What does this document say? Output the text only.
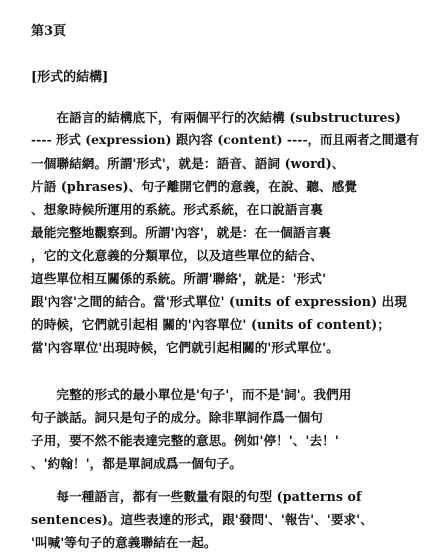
第3頁
[形式的結構]
　　在語言的結構底下，有兩個平行的次結構 (substructures)
---- 形式 (expression) 跟內容 (content) ----，而且兩者之間還有
一個聯結網。所謂'形式'，就是：語音、語詞 (word)、
片語 (phrases)、句子離開它們的意義，在說、聽、感覺
、想象時候所運用的系統。形式系統，在口說語言裏
最能完整地觀察到。所謂'內容'，就是：在一個語言裏
，它的文化意義的分類單位，以及這些單位的結合、
這些單位相互關係的系統。所謂'聯絡'，就是：'形式'
跟'內容'之間的結合。當'形式單位' (units of expression) 出現
的時候，它們就引起相 關的'內容單位' (units of content)；
當'內容單位'出現時候，它們就引起相關的'形式單位'。
　　完整的形式的最小單位是'句子'，而不是'詞'。我們用
句子談話。詞只是句子的成分。除非單詞作爲一個句
子用，要不然不能表達完整的意思。例如'停！'、'去！'
、'約翰！'，都是單詞成爲一個句子。
　　每一種語言，都有一些數量有限的句型 (patterns of
sentences)。這些表達的形式，跟'發問'、'報告'、'要求'、
'叫喊'等句子的意義聯結在一起。
